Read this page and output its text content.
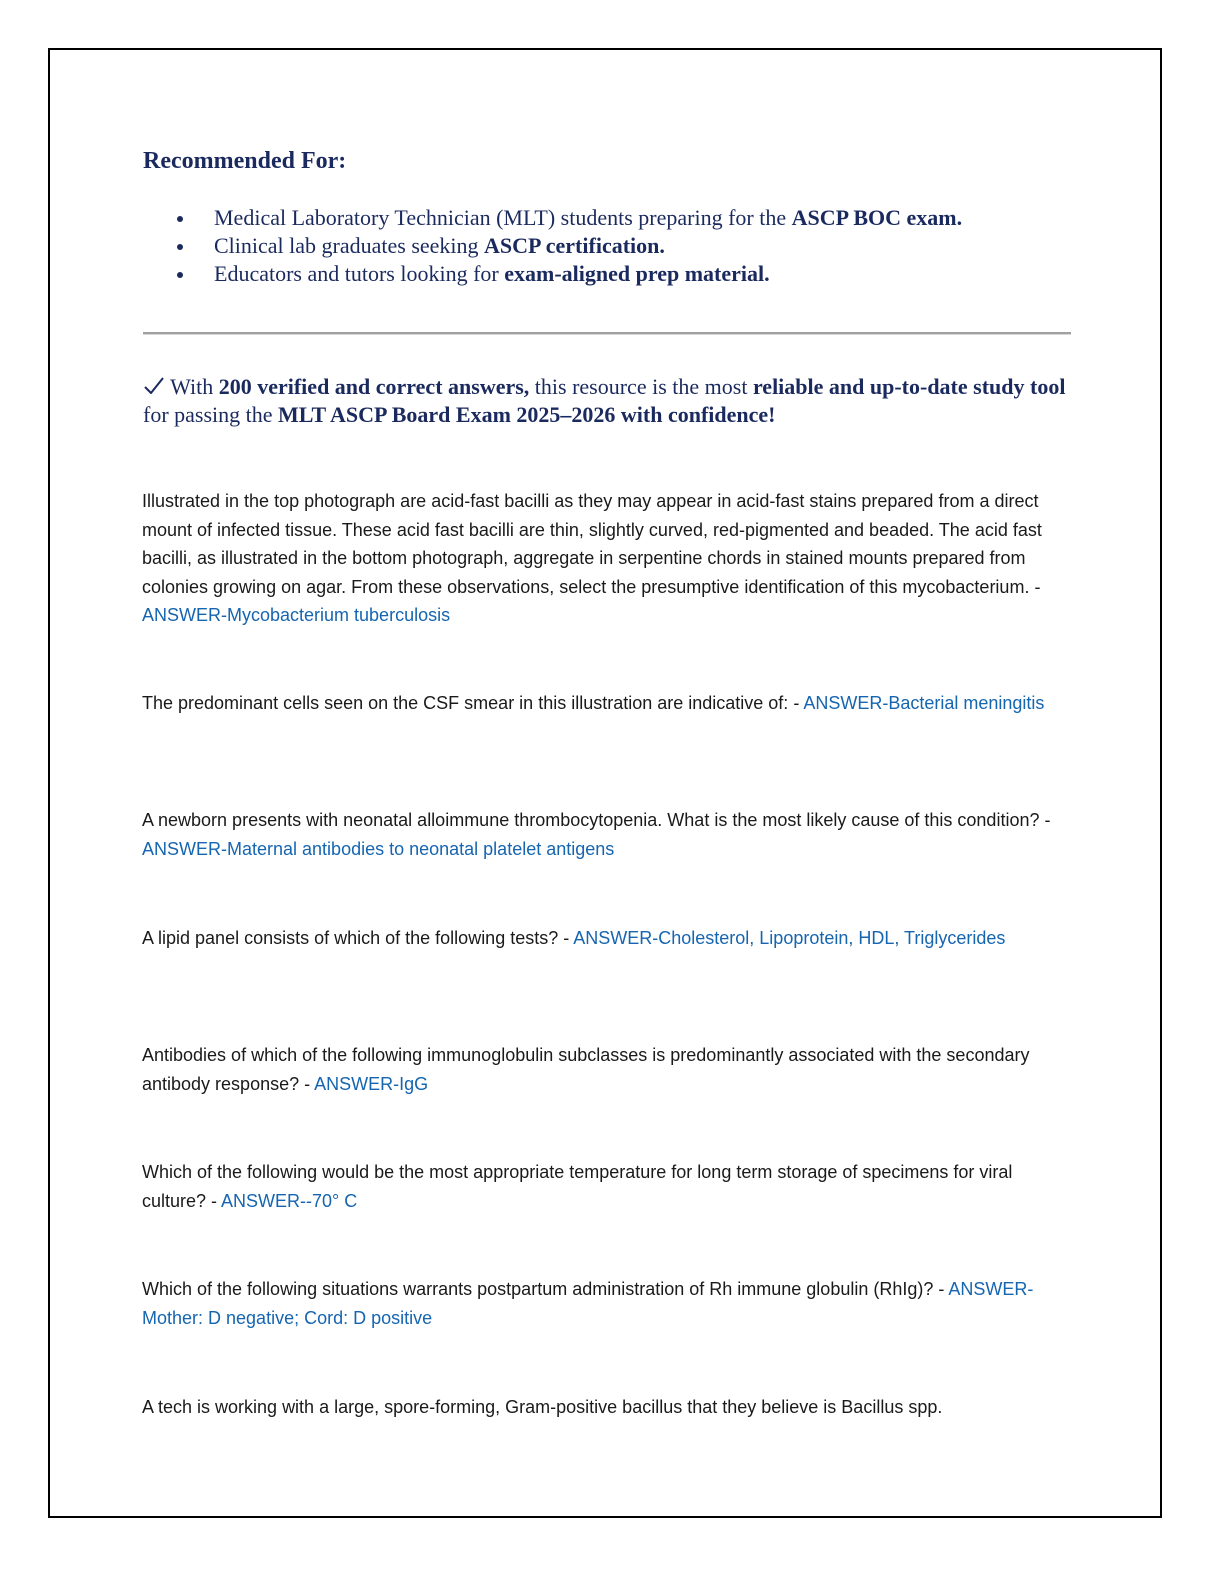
Recommended For:
Medical Laboratory Technician (MLT) students preparing for the ASCP BOC exam.
Clinical lab graduates seeking ASCP certification.
Educators and tutors looking for exam-aligned prep material.

With 200 verified and correct answers, this resource is the most reliable and up-to-date study tool for passing the MLT ASCP Board Exam 2025–2026 with confidence!

Illustrated in the top photograph are acid-fast bacilli as they may appear in acid-fast stains prepared from a direct mount of infected tissue. These acid fast bacilli are thin, slightly curved, red-pigmented and beaded. The acid fast bacilli, as illustrated in the bottom photograph, aggregate in serpentine chords in stained mounts prepared from colonies growing on agar. From these observations, select the presumptive identification of this mycobacterium. - ANSWER-Mycobacterium tuberculosis

The predominant cells seen on the CSF smear in this illustration are indicative of: - ANSWER-Bacterial meningitis

A newborn presents with neonatal alloimmune thrombocytopenia. What is the most likely cause of this condition? - ANSWER-Maternal antibodies to neonatal platelet antigens

A lipid panel consists of which of the following tests? - ANSWER-Cholesterol, Lipoprotein, HDL, Triglycerides

Antibodies of which of the following immunoglobulin subclasses is predominantly associated with the secondary antibody response? - ANSWER-IgG

Which of the following would be the most appropriate temperature for long term storage of specimens for viral culture? - ANSWER--70° C

Which of the following situations warrants postpartum administration of Rh immune globulin (RhIg)? - ANSWER-Mother: D negative; Cord: D positive

A tech is working with a large, spore-forming, Gram-positive bacillus that they believe is Bacillus spp.
